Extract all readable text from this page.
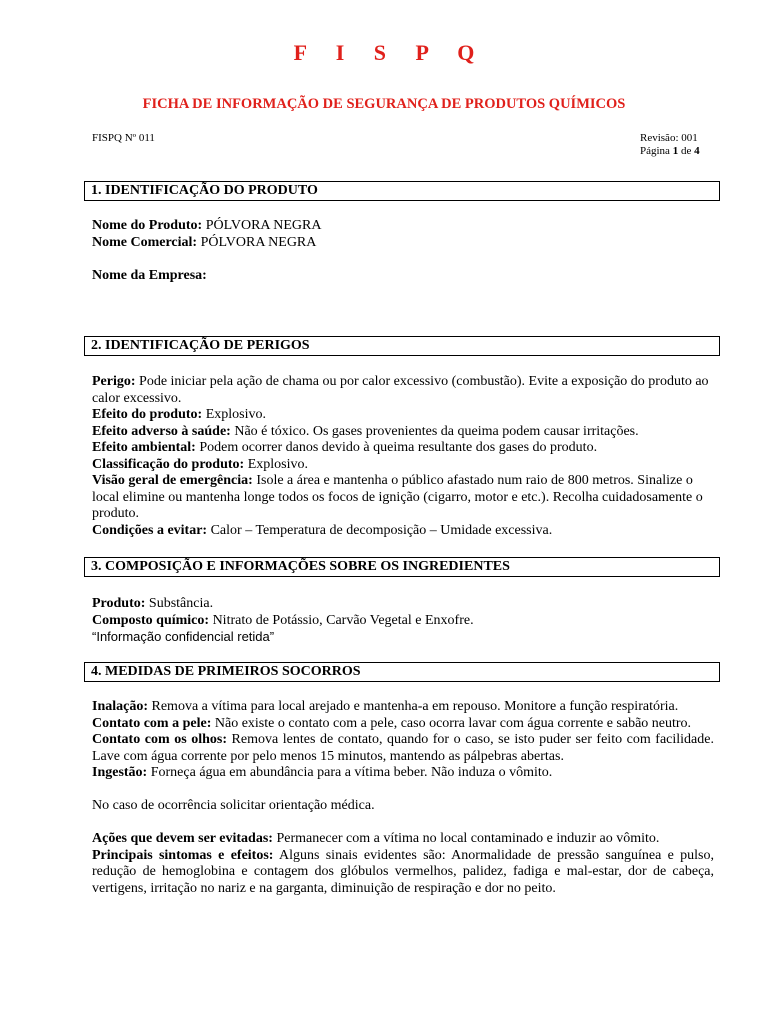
F I S P Q
FICHA DE INFORMAÇÃO DE SEGURANÇA DE PRODUTOS QUÍMICOS
FISPQ Nº 011	Revisão: 001
Página 1 de 4
1. IDENTIFICAÇÃO DO PRODUTO

Nome do Produto: PÓLVORA NEGRA

Nome Comercial: PÓLVORA NEGRA

Nome da Empresa:

2. IDENTIFICAÇÃO DE PERIGOS

Perigo: Pode iniciar pela ação de chama ou por calor excessivo (combustão). Evite a exposição do produto ao calor excessivo.

Efeito do produto: Explosivo.

Efeito adverso à saúde: Não é tóxico. Os gases provenientes da queima podem causar irritações.

Efeito ambiental: Podem ocorrer danos devido à queima resultante dos gases do produto.

Classificação do produto: Explosivo.

Visão geral de emergência: Isole a área e mantenha o público afastado num raio de 800 metros. Sinalize o local elimine ou mantenha longe todos os focos de ignição (cigarro, motor e etc.). Recolha cuidadosamente o produto.

Condições a evitar: Calor – Temperatura de decomposição – Umidade excessiva.

3. COMPOSIÇÃO E INFORMAÇÕES SOBRE OS INGREDIENTES

Produto: Substância.

Composto químico: Nitrato de Potássio, Carvão Vegetal e Enxofre.

“Informação confidencial retida”

4. MEDIDAS DE PRIMEIROS SOCORROS

Inalação: Remova a vítima para local arejado e mantenha-a em repouso. Monitore a função respiratória.

Contato com a pele: Não existe o contato com a pele, caso ocorra lavar com água corrente e sabão neutro.

Contato com os olhos: Remova lentes de contato, quando for o caso, se isto puder ser feito com facilidade. Lave com água corrente por pelo menos 15 minutos, mantendo as pálpebras abertas.

Ingestão: Forneça água em abundância para a vítima beber. Não induza o vômito.

No caso de ocorrência solicitar orientação médica.

Ações que devem ser evitadas: Permanecer com a vítima no local contaminado e induzir ao vômito.

Principais sintomas e efeitos: Alguns sinais evidentes são: Anormalidade de pressão sanguínea e pulso, redução de hemoglobina e contagem dos glóbulos vermelhos, palidez, fadiga e mal-estar, dor de cabeça, vertigens, irritação no nariz e na garganta, diminuição de respiração e dor no peito.
